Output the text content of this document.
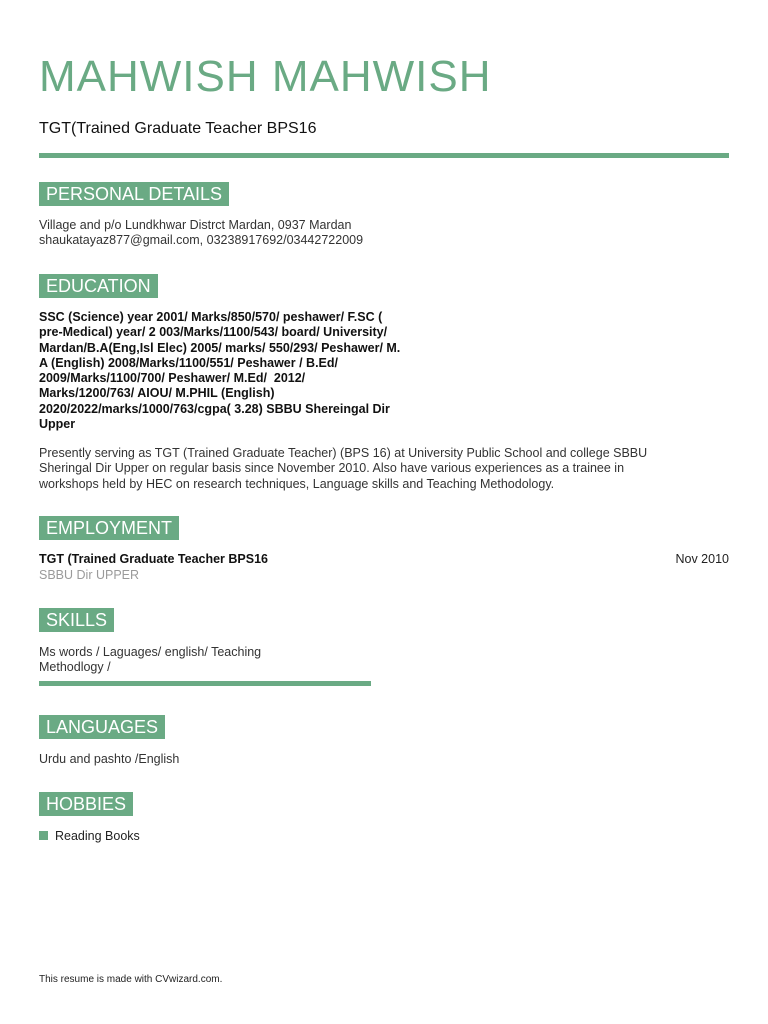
MAHWISH MAHWISH
TGT(Trained Graduate Teacher BPS16
PERSONAL DETAILS
Village and p/o Lundkhwar Distrct Mardan, 0937 Mardan
shaukatayaz877@gmail.com, 03238917692/03442722009
EDUCATION
SSC (Science) year 2001/ Marks/850/570/ peshawer/ F.SC (
pre-Medical) year/ 2 003/Marks/1100/543/ board/ University/
Mardan/B.A(Eng,Isl Elec) 2005/ marks/ 550/293/ Peshawer/ M.
A (English) 2008/Marks/1100/551/ Peshawer / B.Ed/
2009/Marks/1100/700/ Peshawer/ M.Ed/  2012/
Marks/1200/763/ AIOU/ M.PHIL (English)
2020/2022/marks/1000/763/cgpa( 3.28) SBBU Shereingal Dir
Upper
Presently serving as TGT (Trained Graduate Teacher) (BPS 16) at University Public School and college SBBU
Sheringal Dir Upper on regular basis since November 2010. Also have various experiences as a trainee in
workshops held by HEC on research techniques, Language skills and Teaching Methodology.
EMPLOYMENT
TGT (Trained Graduate Teacher BPS16	Nov 2010
SBBU Dir UPPER
SKILLS
Ms words / Laguages/ english/ Teaching
Methodlogy /
LANGUAGES
Urdu and pashto /English
HOBBIES
Reading Books
This resume is made with CVwizard.com.
